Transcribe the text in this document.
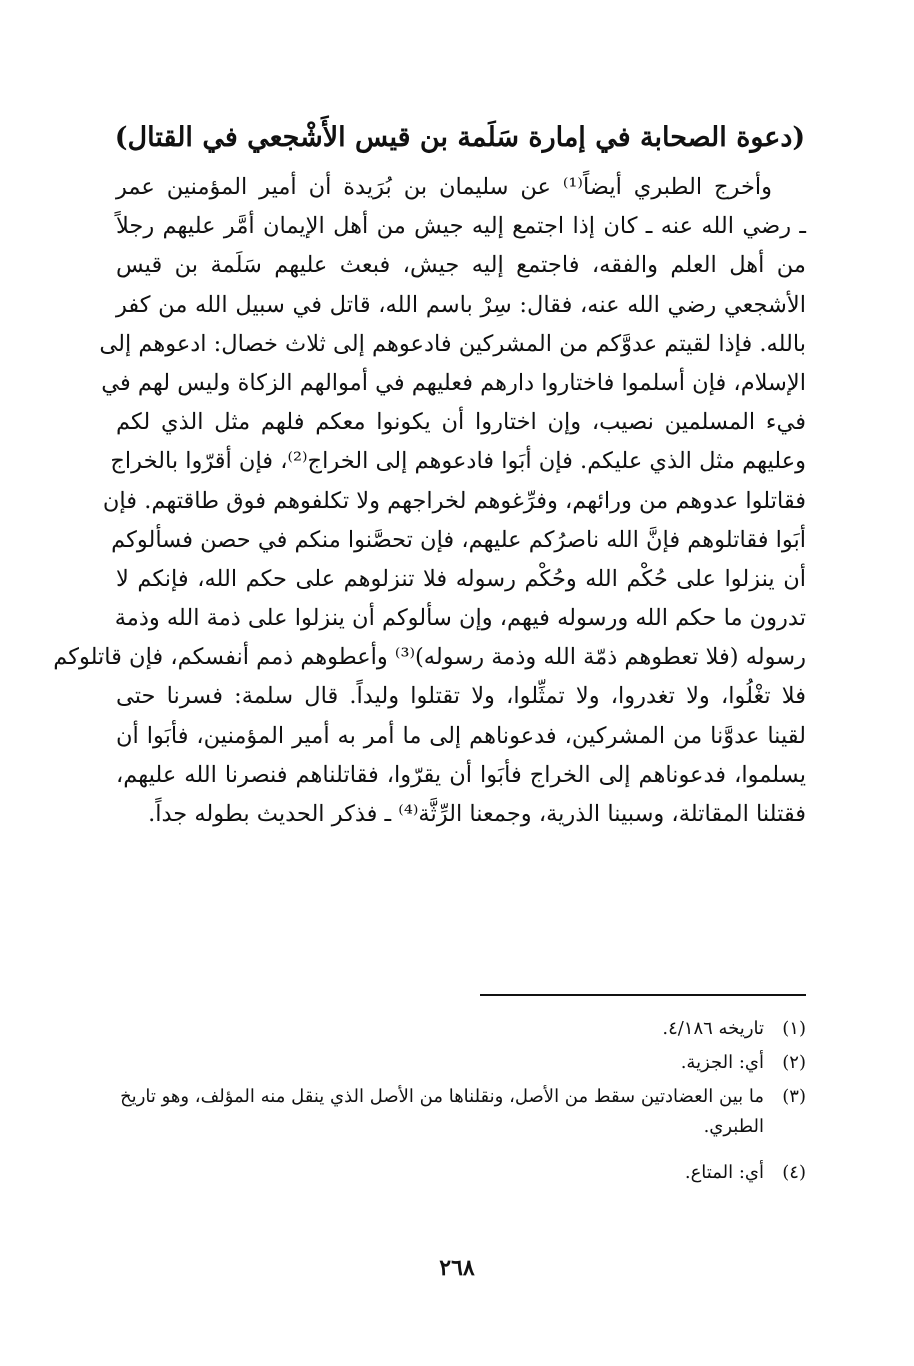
(دعوة الصحابة في إمارة سَلَمة بن قيس الأَشْجعي في القتال)
وأخرج الطبري أيضاً⁽¹⁾ عن سليمان بن بُرَيدة أن أمير المؤمنين عمر
ـ رضي الله عنه ـ كان إذا اجتمع إليه جيش من أهل الإيمان أمَّر عليهم رجلاً
من أهل العلم والفقه، فاجتمع إليه جيش، فبعث عليهم سَلَمة بن قيس
الأشجعي رضي الله عنه، فقال: سِرْ باسم الله، قاتل في سبيل الله من كفر
بالله. فإذا لقيتم عدوَّكم من المشركين فادعوهم إلى ثلاث خصال: ادعوهم إلى
الإسلام، فإن أسلموا فاختاروا دارهم فعليهم في أموالهم الزكاة وليس لهم في
فيء المسلمين نصيب، وإن اختاروا أن يكونوا معكم فلهم مثل الذي لكم
وعليهم مثل الذي عليكم. فإن أبَوا فادعوهم إلى الخراج⁽²⁾، فإن أقرّوا بالخراج
فقاتلوا عدوهم من ورائهم، وفرِّغوهم لخراجهم ولا تكلفوهم فوق طاقتهم. فإن
أبَوا فقاتلوهم فإنَّ الله ناصرُكم عليهم، فإن تحصَّنوا منكم في حصن فسألوكم
أن ينزلوا على حُكْم الله وحُكْم رسوله فلا تنزلوهم على حكم الله، فإنكم لا
تدرون ما حكم الله ورسوله فيهم، وإن سألوكم أن ينزلوا على ذمة الله وذمة
رسوله (فلا تعطوهم ذمّة الله وذمة رسوله)⁽³⁾ وأعطوهم ذمم أنفسكم، فإن قاتلوكم
فلا تغْلُوا، ولا تغدروا، ولا تمثِّلوا، ولا تقتلوا وليداً. قال سلمة: فسرنا حتى
لقينا عدوَّنا من المشركين، فدعوناهم إلى ما أمر به أمير المؤمنين، فأبَوا أن
يسلموا، فدعوناهم إلى الخراج فأبَوا أن يقرّوا، فقاتلناهم فنصرنا الله عليهم،
فقتلنا المقاتلة، وسبينا الذرية، وجمعنا الرِّثَّة⁽⁴⁾ ـ فذكر الحديث بطوله جداً.
(١)
تاريخه ٤/١٨٦.
(٢)
أي: الجزية.
(٣)
ما بين العضادتين سقط من الأصل، ونقلناها من الأصل الذي ينقل منه المؤلف، وهو تاريخ الطبري.
(٤)
أي: المتاع.
٢٦٨
